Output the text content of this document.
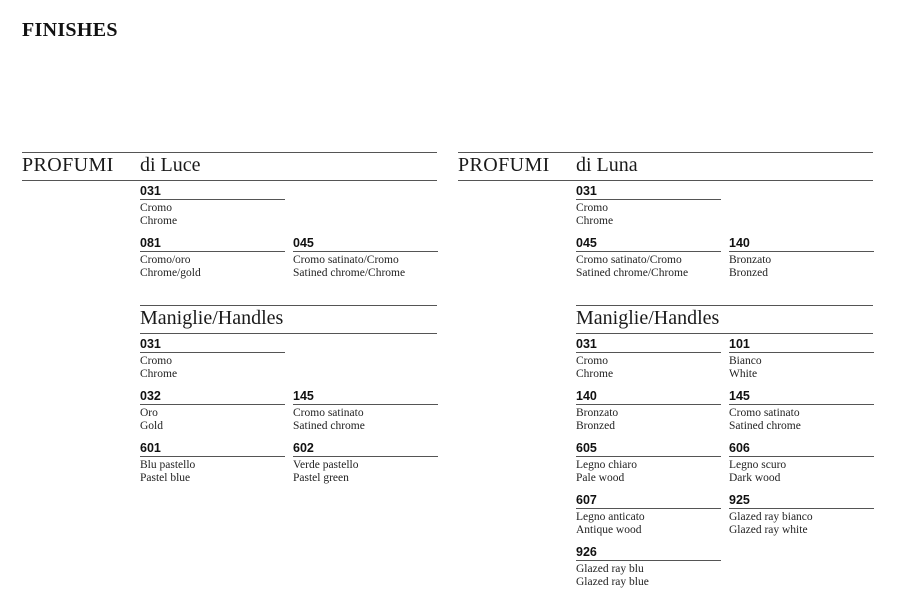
FINISHES
PROFUMI di Luce
031
Cromo
Chrome
081
Cromo/oro
Chrome/gold
045
Cromo satinato/Cromo
Satined chrome/Chrome
Maniglie/Handles
031
Cromo
Chrome
032
Oro
Gold
145
Cromo satinato
Satined chrome
601
Blu pastello
Pastel blue
602
Verde pastello
Pastel green
PROFUMI di Luna
031
Cromo
Chrome
045
Cromo satinato/Cromo
Satined chrome/Chrome
140
Bronzato
Bronzed
Maniglie/Handles
031
Cromo
Chrome
101
Bianco
White
140
Bronzato
Bronzed
145
Cromo satinato
Satined chrome
605
Legno chiaro
Pale wood
606
Legno scuro
Dark wood
607
Legno anticato
Antique wood
925
Glazed ray bianco
Glazed ray white
926
Glazed ray blu
Glazed ray blue
